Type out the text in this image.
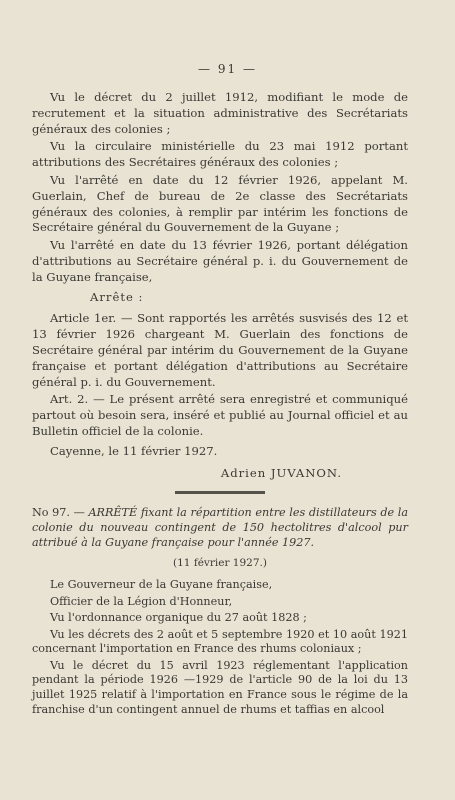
— 91 —

Vu le décret du 2 juillet 1912, modifiant le mode de recrutement et la situation administrative des Secrétariats généraux des colonies ;

Vu la circulaire ministérielle du 23 mai 1912 portant attributions des Secrétaires généraux des colonies ;

Vu l'arrêté en date du 12 février 1926, appelant M. Guerlain, Chef de bureau de 2e classe des Secrétariats généraux des colonies, à remplir par intérim les fonctions de Secrétaire général du Gouvernement de la Guyane ;

Vu l'arrêté en date du 13 février 1926, portant délégation d'attributions au Secrétaire général p. i. du Gouvernement de la Guyane française,

Arrête :

Article 1er. — Sont rapportés les arrêtés susvisés des 12 et 13 février 1926 chargeant M. Guerlain des fonctions de Secrétaire général par intérim du Gouvernement de la Guyane française et portant délégation d'attributions au Secrétaire général p. i. du Gouvernement.

Art. 2. — Le présent arrêté sera enregistré et communiqué partout où besoin sera, inséré et publié au Journal officiel et au Bulletin officiel de la colonie.

Cayenne, le 11 février 1927.

Adrien JUVANON.

No 97. — ARRÊTÉ fixant la répartition entre les distillateurs de la colonie du nouveau contingent de 150 hectolitres d'alcool pur attribué à la Guyane française pour l'année 1927.

(11 février 1927.)

Le Gouverneur de la Guyane française,

Officier de la Légion d'Honneur,

Vu l'ordonnance organique du 27 août 1828 ;

Vu les décrets des 2 août et 5 septembre 1920 et 10 août 1921 concernant l'importation en France des rhums coloniaux ;

Vu le décret du 15 avril 1923 réglementant l'application pendant la période 1926 —1929 de l'article 90 de la loi du 13 juillet 1925 relatif à l'importation en France sous le régime de la franchise d'un contingent annuel de rhums et taffias en alcool
